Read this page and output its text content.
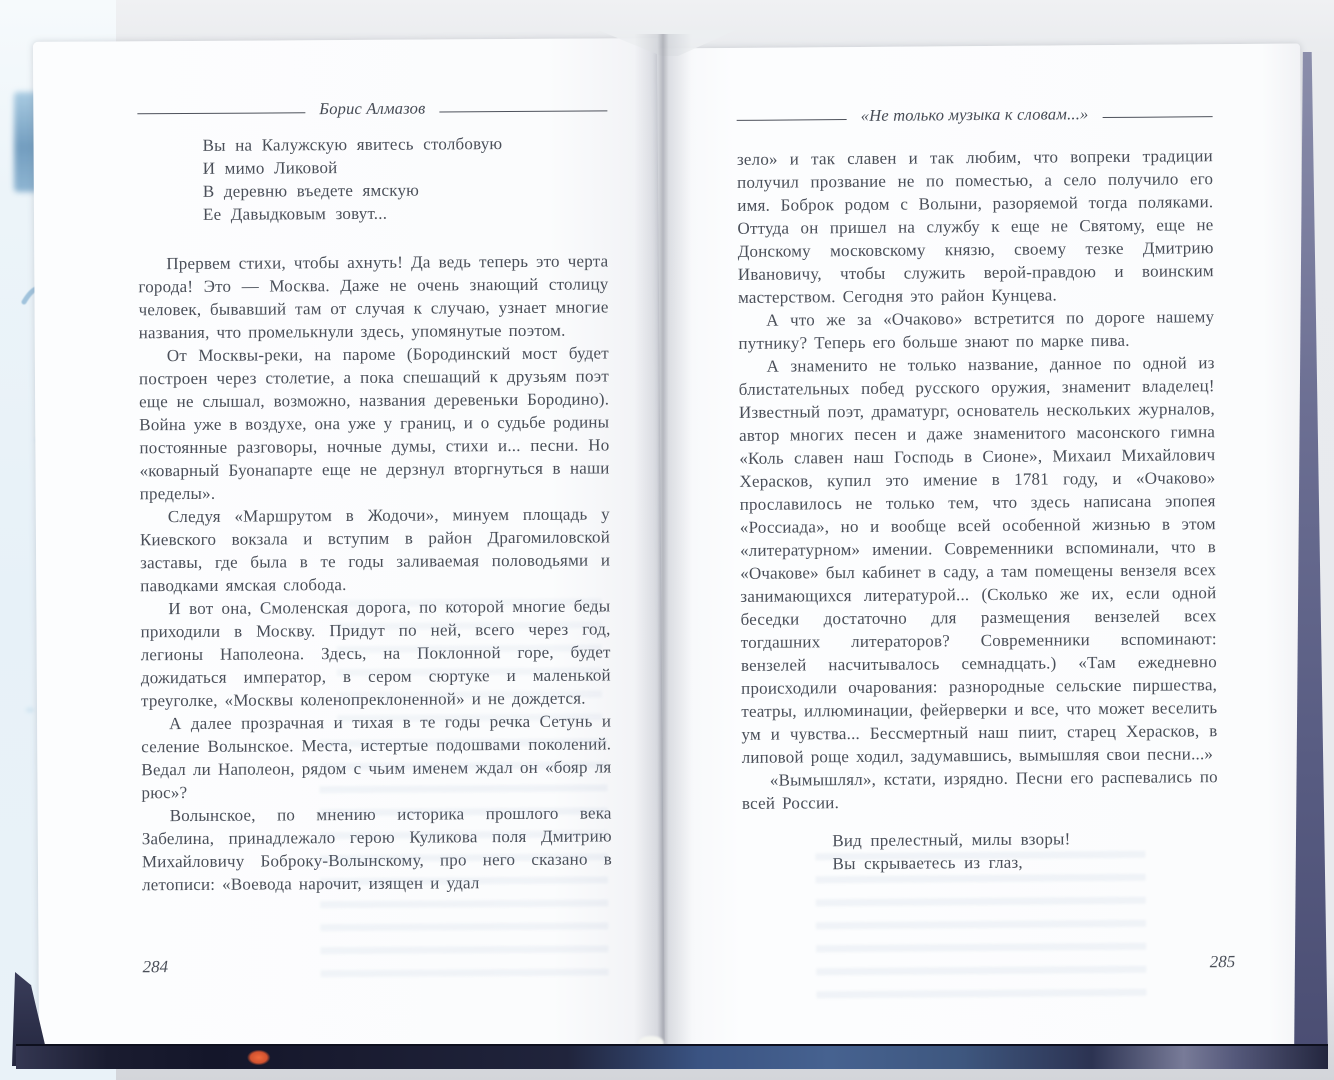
Борис Алмазов
Вы на Калужскую явитесь столбовую
И мимо Ликовой
В деревню въедете ямскую
Ее Давыдковым зовут...

Прервем стихи, чтобы ахнуть! Да ведь теперь это черта города! Это — Москва. Даже не очень знающий столицу человек, бывавший там от случая к случаю, узнает многие названия, что промелькнули здесь, упомянутые поэтом.

От Москвы-реки, на пароме (Бородинский мост будет построен через столетие, а пока спешащий к друзьям поэт еще не слышал, возможно, названия деревеньки Бородино). Война уже в воздухе, она уже у границ, и о судьбе родины постоянные разговоры, ночные думы, стихи и... песни. Но «коварный Буонапарте еще не дерзнул вторгнуться в наши пределы».

Следуя «Маршрутом в Жодочи», минуем площадь у Киевского вокзала и вступим в район Драгомиловской заставы, где была в те годы заливаемая половодьями и паводками ямская слобода.

И вот она, Смоленская дорога, по которой многие беды приходили в Москву. Придут по ней, всего через год, легионы Наполеона. Здесь, на Поклонной горе, будет дожидаться император, в сером сюртуке и маленькой треуголке, «Москвы коленопреклоненной» и не дождется.

А далее прозрачная и тихая в те годы речка Сетунь и селение Волынское. Места, истертые подошвами поколений. Ведал ли Наполеон, рядом с чьим именем ждал он «бояр ля рюс»?

Волынское, по мнению историка прошлого века Забелина, принадлежало герою Куликова поля Дмитрию Михайловичу Боброку-Волынскому, про него сказано в летописи: «Воевода нарочит, изящен и удал

284
«Не только музыка к словам...»

зело» и так славен и так любим, что вопреки традиции получил прозвание не по поместью, а село получило его имя. Боброк родом с Волыни, разоряемой тогда поляками. Оттуда он пришел на службу к еще не Святому, еще не Донскому московскому князю, своему тезке Дмитрию Ивановичу, чтобы служить верой-правдою и воинским мастерством. Сегодня это район Кунцева.

А что же за «Очаково» встретится по дороге нашему путнику? Теперь его больше знают по марке пива.

А знаменито не только название, данное по одной из блистательных побед русского оружия, знаменит владелец! Известный поэт, драматург, основатель нескольких журналов, автор многих песен и даже знаменитого масонского гимна «Коль славен наш Господь в Сионе», Михаил Михайлович Херасков, купил это имение в 1781 году, и «Очаково» прославилось не только тем, что здесь написана эпопея «Россиада», но и вообще всей особенной жизнью в этом «литературном» имении. Современники вспоминали, что в «Очакове» был кабинет в саду, а там помещены вензеля всех занимающихся литературой... (Сколько же их, если одной беседки достаточно для размещения вензелей всех тогдашних литераторов? Современники вспоминают: вензелей насчитывалось семнадцать.) «Там ежедневно происходили очарования: разнородные сельские пиршества, театры, иллюминации, фейерверки и все, что может веселить ум и чувства... Бессмертный наш пиит, старец Херасков, в липовой роще ходил, задумавшись, вымышляя свои песни...»

«Вымышлял», кстати, изрядно. Песни его распевались по всей России.

Вид прелестный, милы взоры!
Вы скрываетесь из глаз,
285
